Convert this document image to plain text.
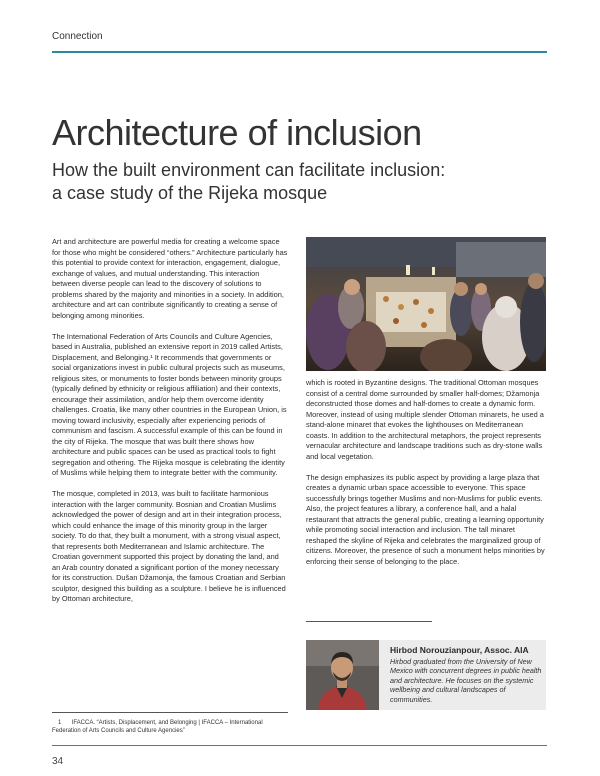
Connection
Architecture of inclusion
How the built environment can facilitate inclusion:
a case study of the Rijeka mosque

Art and architecture are powerful media for creating a welcome space for those who might be considered “others.” Architecture particularly has this potential to provide context for interaction, engagement, dialogue, exchange of values, and mutual understanding. This interaction between diverse people can lead to the discovery of solutions to problems shared by the majority and minorities in a society. In addition, architecture and art can contribute significantly to creating a sense of belonging among minorities.

The International Federation of Arts Councils and Culture Agencies, based in Australia, published an extensive report in 2019 called Artists, Displacement, and Belonging.¹ It recommends that governments or social organizations invest in public cultural projects such as museums, religious sites, or monuments to foster bonds between minority groups (typically defined by ethnicity or religious affiliation) and their contexts, encourage their assimilation, and/or help them overcome identity challenges. Croatia, like many other countries in the European Union, is moving toward inclusivity, especially after experiencing periods of communism and fascism. A successful example of this can be found in the city of Rijeka. The mosque that was built there shows how architecture and public spaces can be used as practical tools to fight segregation and othering. The Rijeka mosque is celebrating the identity of Muslims while helping them to integrate better with the community.

The mosque, completed in 2013, was built to facilitate harmonious interaction with the larger community. Bosnian and Croatian Muslims acknowledged the power of design and art in their integration process, which could enhance the image of this minority group in the larger society. To do that, they built a monument, with a strong visual aspect, that represents both Mediterranean and Islamic architecture. The Croatian government supported this project by donating the land, and an Arab country donated a significant portion of the money necessary for its construction. Dušan Džamonja, the famous Croatian and Serbian sculptor, designed this building as a sculpture. I believe he is influenced by Ottoman architecture,

which is rooted in Byzantine designs. The traditional Ottoman mosques consist of a central dome surrounded by smaller half-domes; Džamonja deconstructed those domes and half-domes to create a dynamic form. Moreover, instead of using multiple slender Ottoman minarets, he used a stand-alone minaret that evokes the lighthouses on Mediterranean coasts. In addition to the architectural metaphors, the project represents vernacular architecture and landscape traditions such as dry-stone walls and local vegetation.

The design emphasizes its public aspect by providing a large plaza that creates a dynamic urban space accessible to everyone. This space successfully brings together Muslims and non-Muslims for public events. Also, the project features a library, a conference hall, and a halal restaurant that attracts the general public, creating a learning opportunity while promoting social interaction and inclusion. The tall minaret reshaped the skyline of Rijeka and celebrates the marginalized group of citizens. Moreover, the presence of such a monument helps minorities by enforcing their sense of belonging to the place.

Hirbod Norouzianpour, Assoc. AIA
Hirbod graduated from the University of New Mexico with concurrent degrees in public health and architecture. He focuses on the systemic wellbeing and cultural landscapes of communities.
1 IFACCA. “Artists, Displacement, and Belonging | IFACCA – International Federation of Arts Councils and Culture Agencies”
34
